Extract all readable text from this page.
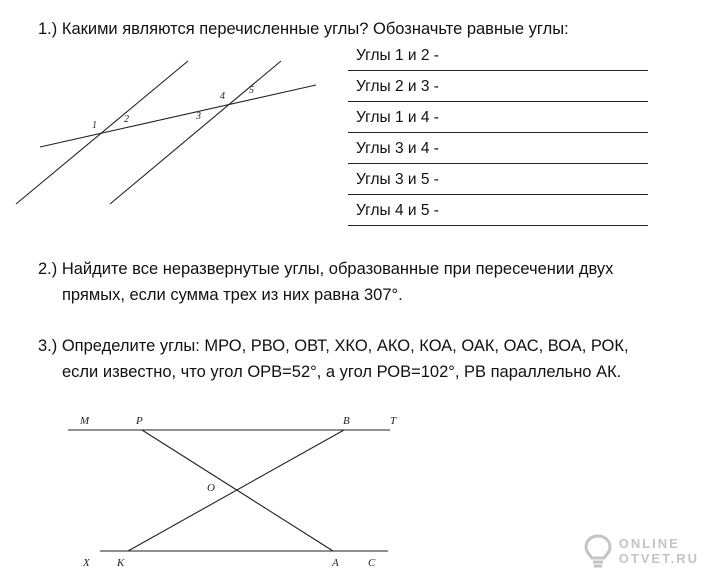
1.) Какими являются перечисленные углы? Обозначьте равные углы:

1
2	3
4
5
M	P	B	T
O
X K	A	C
Углы 1 и 2 -
Углы 2 и 3 -
Углы 1 и 4 -
Углы 3 и 4 -
Углы 3 и 5 -
Углы 4 и 5 -

2.) Найдите все неразвернутые углы, образованные при пересечении двух
прямых, если сумма трех из них равна 307°.

3.) Определите углы: МРО, РВО, ОВТ, ХКО, АКО, КОА, ОАК, ОАС, ВОА, РОК,
если известно, что угол ОРВ=52°, а угол РОВ=102°, РВ параллельно АК.

ONLINE
OTVET.RU
